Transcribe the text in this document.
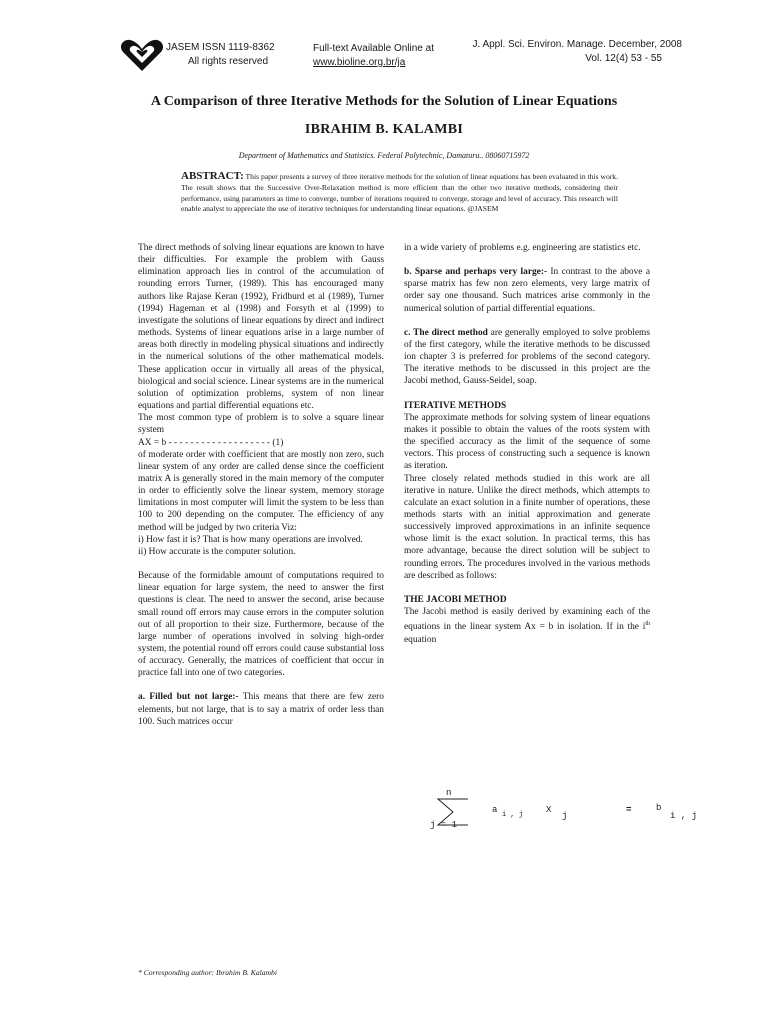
JASEM ISSN 1119-8362
All rights reserved
Full-text Available Online at
www.bioline.org.br/ja
J. Appl. Sci. Environ. Manage. December, 2008
Vol. 12(4) 53 - 55
A Comparison of three Iterative Methods for the Solution of Linear Equations
IBRAHIM B. KALAMBI
Department of Mathematics and Statistics. Federal Polytechnic, Damaturu.. 08060715972
ABSTRACT: This paper presents a survey of three iterative methods for the solution of linear equations has been evaluated in this work. The result shows that the Successive Over-Relaxation method is more efficient than the other two iterative methods, considering their performance, using parameters as time to converge, number of iterations required to converge, storage and level of accuracy. This research will enable analyst to appreciate the use of iterative techniques for understanding linear equations. @JASEM

The direct methods of solving linear equations are known to have their difficulties. For example the problem with Gauss elimination approach lies in control of the accumulation of rounding errors Turner, (1989). This has encouraged many authors like Rajase Keran (1992), Fridburd et al (1989), Turner (1994) Hageman et al (1998) and Forsyth et al (1999) to investigate the solutions of linear equations by direct and indirect methods. Systems of linear equations arise in a large number of areas both directly in modeling physical situations and indirectly in the numerical solutions of the other mathematical models. These application occur in virtually all areas of the physical, biological and social science. Linear systems are in the numerical solution of optimization problems, system of non linear equations and partial differential equations etc.

The most common type of problem is to solve a square linear system

AX = b - - - - - - - - - - - - - - - - - - - (1)

of moderate order with coefficient that are mostly non zero, such linear system of any order are called dense since the coefficient matrix A is generally stored in the main memory of the computer in order to efficiently solve the linear system, memory storage limitations in most computer will limit the system to be less than 100 to 200 depending on the computer. The efficiency of any method will be judged by two criteria Viz:

i) How fast it is? That is how many operations are involved.

ii) How accurate is the computer solution.

Because of the formidable amount of computations required to linear equation for large system, the need to answer the first questions is clear. The need to answer the second, arise because small round off errors may cause errors in the computer solution out of all proportion to their size. Furthermore, because of the large number of operations involved in solving high-order system, the potential round off errors could cause substantial loss of accuracy. Generally, the matrices of coefficient that occur in practice fall into one of two categories.

a. Filled but not large:- This means that there are few zero elements, but not large, that is to say a matrix of order less than 100. Such matrices occur

in a wide variety of problems e.g. engineering are statistics etc.

b. Sparse and perhaps very large:- In contrast to the above a sparse matrix has few non zero elements, very large matrix of order say one thousand. Such matrices arise commonly in the numerical solution of partial differential equations.

c. The direct method are generally employed to solve problems of the first category, while the iterative methods to be discussed ion chapter 3 is preferred for problems of the second category. The iterative methods to be discussed in this project are the Jacobi method, Gauss-Seidel, soap.

ITERATIVE METHODS

The approximate methods for solving system of linear equations makes it possible to obtain the values of the roots system with the specified accuracy as the limit of the sequence of some vectors. This process of constructing such a sequence is known as iteration.

Three closely related methods studied in this work are all iterative in nature. Unlike the direct methods, which attempts to calculate an exact solution in a finite number of operations, these methods starts with an initial approximation and generate successively improved approximations in an infinite sequence whose limit is the exact solution. In practical terms, this has more advantage, because the direct solution will be subject to rounding errors. The procedures involved in the various methods are described as follows:

THE JACOBI METHOD

The Jacobi method is easily derived by examining each of the equations in the linear system Ax = b in isolation. If in the $i^{th}$ equation

n
j = 1
a i , j	X
j
=	b
i , j
* Corresponding author: Ibrahim B. Kalambi
